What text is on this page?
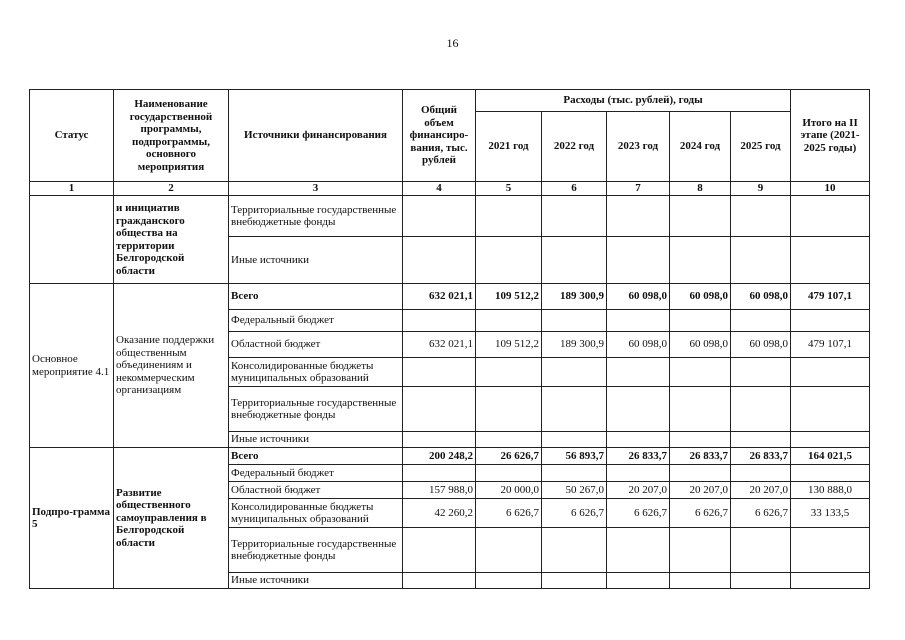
16
Статус	Наименование государственной программы, подпрограммы, основного мероприятия	Источники финансирования	Общий объем финансиро-вания, тыс. рублей	Расходы (тыс. рублей), годы					Итого на II этапе (2021-2025 годы)
				2021 год	2022 год	2023 год	2024 год	2025 год	
1	2	3	4	5	6	7	8	9	10
	и инициатив гражданского общества на территории Белгородской области	Территориальные государственные внебюджетные фонды							
		Иные источники							
Основное мероприятие 4.1	Оказание поддержки общественным объединениям и некоммерческим организациям	Всего	632 021,1	109 512,2	189 300,9	60 098,0	60 098,0	60 098,0	479 107,1
		Федеральный бюджет							
		Областной бюджет	632 021,1	109 512,2	189 300,9	60 098,0	60 098,0	60 098,0	479 107,1
		Консолидированные бюджеты муниципальных образований							
		Территориальные государственные внебюджетные фонды							
		Иные источники							
Подпро-грамма 5	Развитие общественного самоуправления в Белгородской области	Всего	200 248,2	26 626,7	56 893,7	26 833,7	26 833,7	26 833,7	164 021,5
		Федеральный бюджет							
		Областной бюджет	157 988,0	20 000,0	50 267,0	20 207,0	20 207,0	20 207,0	130 888,0
		Консолидированные бюджеты муниципальных образований	42 260,2	6 626,7	6 626,7	6 626,7	6 626,7	6 626,7	33 133,5
		Территориальные государственные внебюджетные фонды							
		Иные источники							
